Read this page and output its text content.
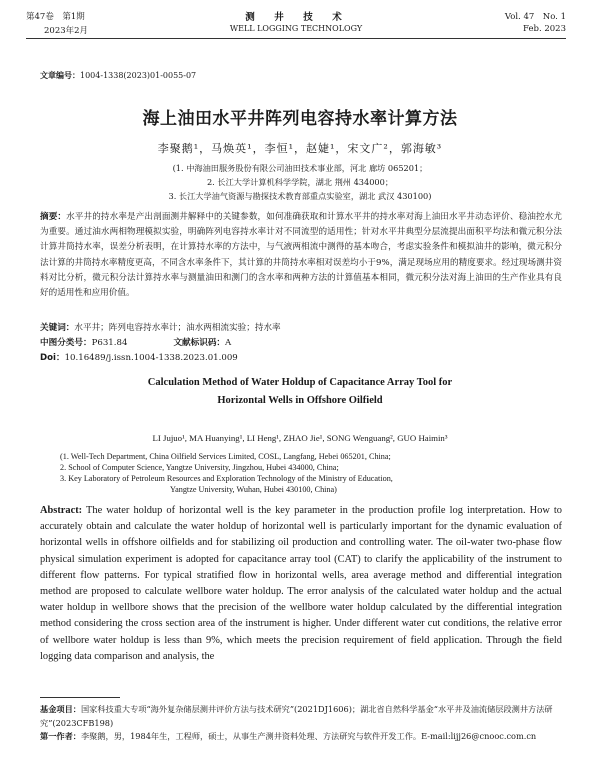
第47卷　第1期
2023年2月
测　井　技　术
WELL LOGGING TECHNOLOGY
Vol. 47　No. 1
Feb. 2023
文章编号：1004-1338(2023)01-0055-07
海上油田水平井阵列电容持水率计算方法
李聚鹅¹，马焕英¹，李恒¹，赵婕¹，宋文广²，郭海敏³
(1. 中海油田服务股份有限公司油田技术事业部，河北 廊坊 065201；
2. 长江大学计算机科学学院，湖北 荆州 434000；
3. 长江大学油气资源与勘探技术教育部重点实验室，湖北 武汉 430100)
摘要：水平井的持水率是产出剖面测井解释中的关键参数，如何准确获取和计算水平井的持水率对海上油田水平井动态评价、稳油控水尤为重要。通过油水两相物理模拟实验，明确阵列电容持水率计对不同流型的适用性；针对水平井典型分层流提出面积平均法和微元积分法计算井筒持水率，误差分析表明，在计算持水率的方法中，与气液两相流中测得的基本吻合，考虑实验条件和模拟油井的影响，微元积分法计算的井筒持水率精度更高，不同含水率条件下，其计算的井筒持水率相对误差均小于9%，满足现场应用的精度要求。经过现场测井资料对比分析，微元积分法计算持水率与测量油田和测门的含水率和两种方法的计算值基本相同，微元积分法对海上油田的生产作业具有良好的适用性和应用价值。
关键词：水平井；阵列电容持水率计；油水两相流实验；持水率
中图分类号：P631.84	文献标识码：A
Doi：10.16489/j.issn.1004-1338.2023.01.009
Calculation Method of Water Holdup of Capacitance Array Tool for
Horizontal Wells in Offshore Oilfield
LI Jujuo¹, MA Huanying¹, LI Heng¹, ZHAO Jie¹, SONG Wenguang², GUO Haimin³
(1. Well-Tech Department, China Oilfield Services Limited, COSL, Langfang, Hebei 065201, China;
Abstract: The water holdup of horizontal well is the key parameter in the production profile log interpretation. How to accurately obtain and calculate the water holdup of horizontal well is particularly important for the dynamic evaluation of horizontal wells in offshore oilfields and for stabilizing oil production and controlling water. The oil-water two-phase flow physical simulation experiment is adopted for capacitance array tool (CAT) to clarify the applicability of the instrument to different flow patterns. For typical stratified flow in horizontal wells, area average method and differential integration method are proposed to calculate wellbore water holdup. The error analysis of the calculated water holdup and the actual water holdup in wellbore shows that the precision of the wellbore water holdup calculated by the differential integration method considering the cross section area of the instrument is higher. Under different water cut conditions, the relative error of wellbore water holdup is less than 9%, which meets the precision requirement of field application. Through the field logging data comparison and analysis, the
基金项目：国家科技重大专项“海外复杂储层测井评价方法与技术研究”(2021DJ1606)；湖北省自然科学基金“水平井及油流储层段测井方法研究”(2023CFB198)
第一作者：李聚鹅，男，1984年生，工程师，硕士，从事生产测井资料处理、方法研究与软件开发工作。E-mail:lijj26@cnooc.com.cn
2. School of Computer Science, Yangtze University, Jingzhou, Hubei 434000, China;
3. Key Laboratory of Petroleum Resources and Exploration Technology of the Ministry of Education,
Yangtze University, Wuhan, Hubei 430100, China)
